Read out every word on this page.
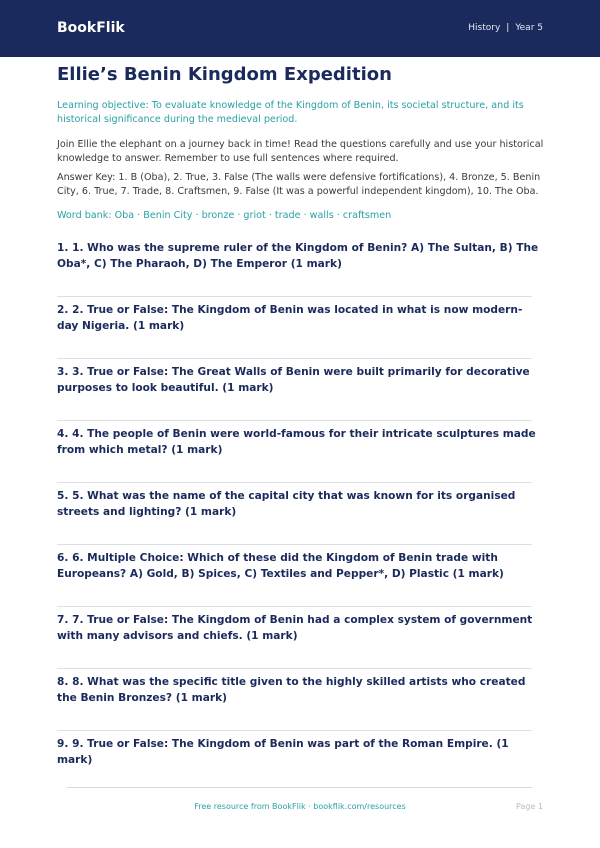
BookFlik	History | Year 5
Ellie’s Benin Kingdom Expedition

Learning objective: To evaluate knowledge of the Kingdom of Benin, its societal structure, and its historical significance during the medieval period.

Join Ellie the elephant on a journey back in time! Read the questions carefully and use your historical knowledge to answer. Remember to use full sentences where required.

Answer Key: 1. B (Oba), 2. True, 3. False (The walls were defensive fortifications), 4. Bronze, 5. Benin City, 6. True, 7. Trade, 8. Craftsmen, 9. False (It was a powerful independent kingdom), 10. The Oba.

Word bank: Oba · Benin City · bronze · griot · trade · walls · craftsmen

1. 1. Who was the supreme ruler of the Kingdom of Benin? A) The Sultan, B) The Oba*, C) The Pharaoh, D) The Emperor (1 mark)

2. 2. True or False: The Kingdom of Benin was located in what is now modern-day Nigeria. (1 mark)

3. 3. True or False: The Great Walls of Benin were built primarily for decorative purposes to look beautiful. (1 mark)

4. 4. The people of Benin were world-famous for their intricate sculptures made from which metal? (1 mark)

5. 5. What was the name of the capital city that was known for its organised streets and lighting? (1 mark)

6. 6. Multiple Choice: Which of these did the Kingdom of Benin trade with Europeans? A) Gold, B) Spices, C) Textiles and Pepper*, D) Plastic (1 mark)

7. 7. True or False: The Kingdom of Benin had a complex system of government with many advisors and chiefs. (1 mark)

8. 8. What was the specific title given to the highly skilled artists who created the Benin Bronzes? (1 mark)

9. 9. True or False: The Kingdom of Benin was part of the Roman Empire. (1 mark)

Free resource from BookFlik · bookflik.com/resources	Page 1
